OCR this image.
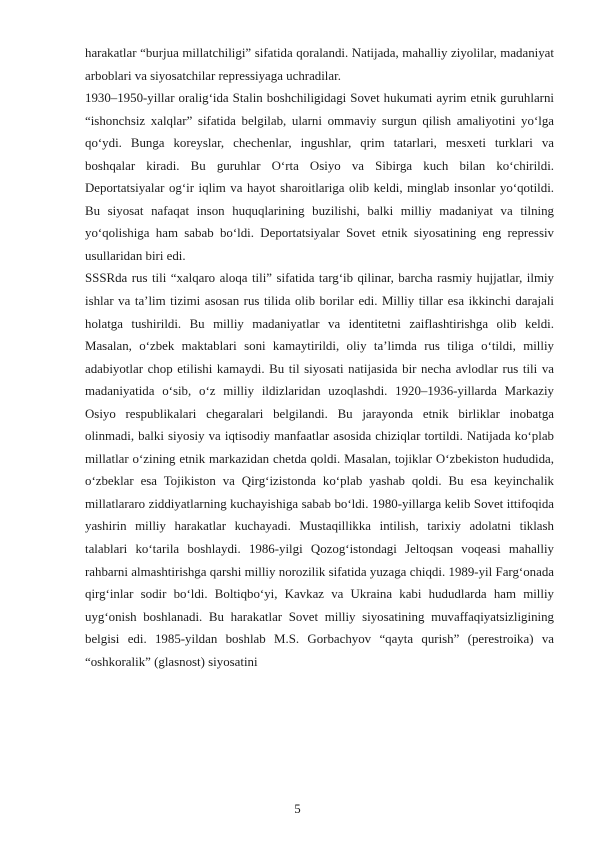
harakatlar “burjua millatchiligi” sifatida qoralandi. Natijada, mahalliy ziyolilar, madaniyat arboblari va siyosatchilar repressiyaga uchradilar.

1930–1950-yillar oralig‘ida Stalin boshchiligidagi Sovet hukumati ayrim etnik guruhlarni “ishonchsiz xalqlar” sifatida belgilab, ularni ommaviy surgun qilish amaliyotini yo‘lga qo‘ydi. Bunga koreyslar, chechenlar, ingushlar, qrim tatarlari, mesxeti turklari va boshqalar kiradi. Bu guruhlar O‘rta Osiyo va Sibirga kuch bilan ko‘chirildi. Deportatsiyalar og‘ir iqlim va hayot sharoitlariga olib keldi, minglab insonlar yo‘qotildi. Bu siyosat nafaqat inson huquqlarining buzilishi, balki milliy madaniyat va tilning yo‘qolishiga ham sabab bo‘ldi. Deportatsiyalar Sovet etnik siyosatining eng repressiv usullaridan biri edi.

SSSRda rus tili “xalqaro aloqa tili” sifatida targ‘ib qilinar, barcha rasmiy hujjatlar, ilmiy ishlar va ta’lim tizimi asosan rus tilida olib borilar edi. Milliy tillar esa ikkinchi darajali holatga tushirildi. Bu milliy madaniyatlar va identitetni zaiflashtirishga olib keldi. Masalan, o‘zbek maktablari soni kamaytirildi, oliy ta’limda rus tiliga o‘tildi, milliy adabiyotlar chop etilishi kamaydi. Bu til siyosati natijasida bir necha avlodlar rus tili va madaniyatida o‘sib, o‘z milliy ildizlaridan uzoqlashdi. 1920–1936-yillarda Markaziy Osiyo respublikalari chegaralari belgilandi. Bu jarayonda etnik birliklar inobatga olinmadi, balki siyosiy va iqtisodiy manfaatlar asosida chiziqlar tortildi. Natijada ko‘plab millatlar o‘zining etnik markazidan chetda qoldi. Masalan, tojiklar O‘zbekiston hududida, o‘zbeklar esa Tojikiston va Qirg‘izistonda ko‘plab yashab qoldi. Bu esa keyinchalik millatlararo ziddiyatlarning kuchayishiga sabab bo‘ldi. 1980-yillarga kelib Sovet ittifoqida yashirin milliy harakatlar kuchayadi. Mustaqillikka intilish, tarixiy adolatni tiklash talablari ko‘tarila boshlaydi. 1986-yilgi Qozog‘istondagi Jeltoqsan voqeasi mahalliy rahbarni almashtirishga qarshi milliy norozilik sifatida yuzaga chiqdi. 1989-yil Farg‘onada qirg‘inlar sodir bo‘ldi. Boltiqbo‘yi, Kavkaz va Ukraina kabi hududlarda ham milliy uyg‘onish boshlanadi. Bu harakatlar Sovet milliy siyosatining muvaffaqiyatsizligining belgisi edi. 1985-yildan boshlab M.S. Gorbachyov “qayta qurish” (perestroika) va “oshkoralik” (glasnost) siyosatini

5
